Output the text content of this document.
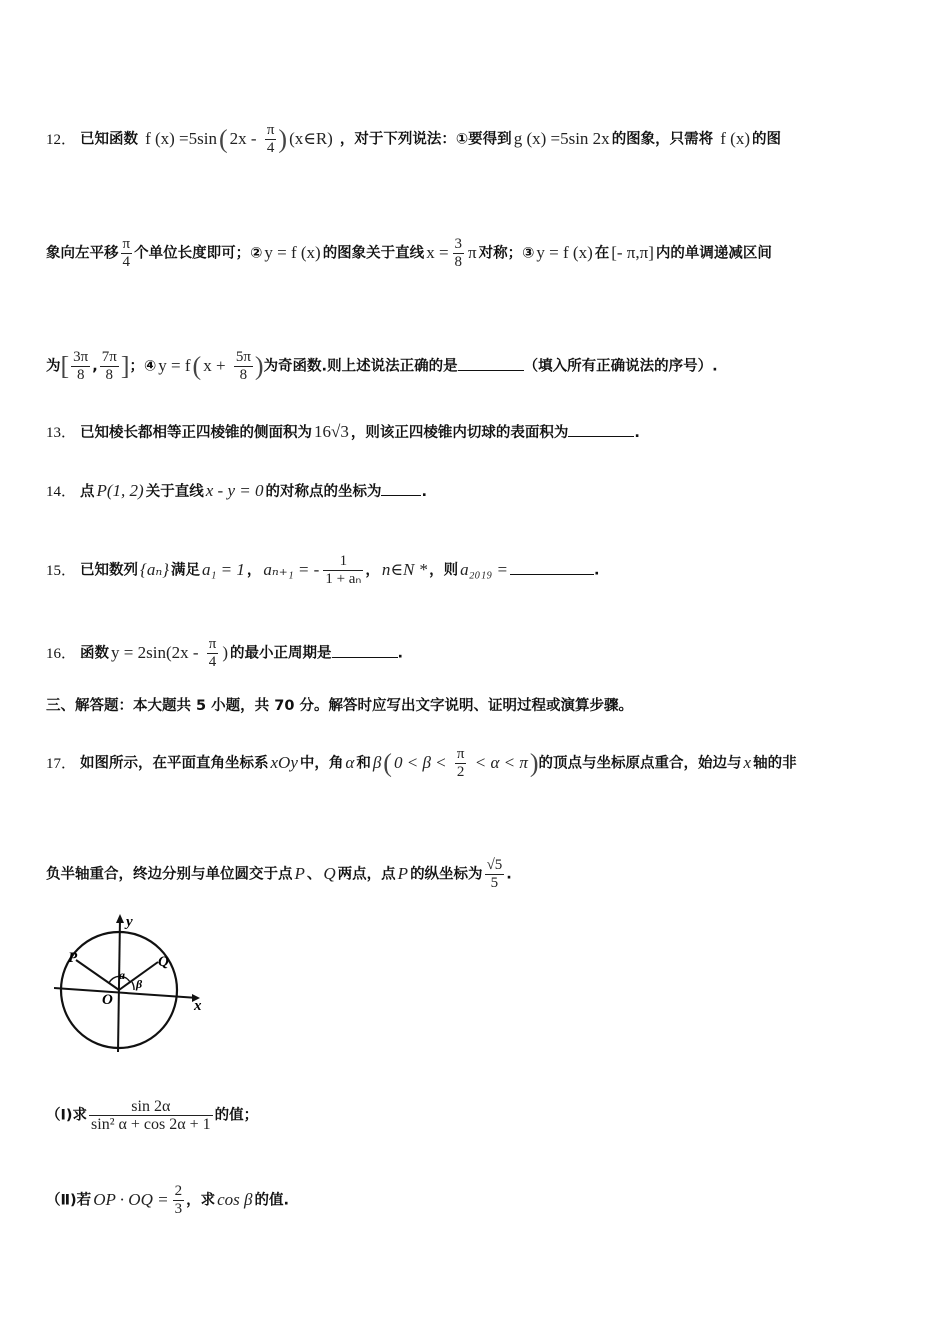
12． 已知函数 f (x) =5sin( $2x - \frac{\pi}{4}$ ) (x∈R) ，对于下列说法：①要得到 g (x) =5sin 2x 的图象，只需将 f (x) 的图
象向左平移 $\frac{\pi}{4}$ 个单位长度即可；② y = f (x) 的图象关于直线 $x = \frac{3}{8}$ π 对称；③ y = f (x) 在 [- π,π] 内的单调递减区间
为[ $\frac{3\pi}{8}$ , $\frac{7\pi}{8}$ ]；④ y = f( $x + \frac{5\pi}{8}$ )为奇函数.则上述说法正确的是	（填入所有正确说法的序号）.
13． 已知棱长都相等正四棱锥的侧面积为 16√3 ，则该正四棱锥内切球的表面积为	.
14． 点 P(1, 2) 关于直线 x - y = 0 的对称点的坐标为	.
15． 已知数列 {aₙ} 满足 a₁ = 1 ， aₙ₊₁ = - $\frac{1}{\text{1 + aₙ}}$ ， n∈N * ，则 a₂₀₁₉ =	.
16． 函数 $y = 2\sin(2x - \frac{\pi}{4}$ ) 的最小正周期是	.
三、解答题：本大题共 5 小题，共 70 分。解答时应写出文字说明、证明过程或演算步骤。
17． 如图所示，在平面直角坐标系 xOy 中，角 α 和 β( $0 < \beta < \frac{\pi}{2} < \alpha < \pi$)的顶点与坐标原点重合，始边与 x 轴的非
负半轴重合，终边分别与单位圆交于点 P 、 Q 两点，点 P 的纵坐标为 $\frac{√5}{5}$ .
y
x
O
P	Q
a
β
（Ⅰ)求 $\frac{\sin 2\alpha}{\text{sin² α + cos 2α + 1}}$ 的值；
（Ⅱ)若 OP · OQ = $\frac{2}{3}$ ，求 cos β 的值.
